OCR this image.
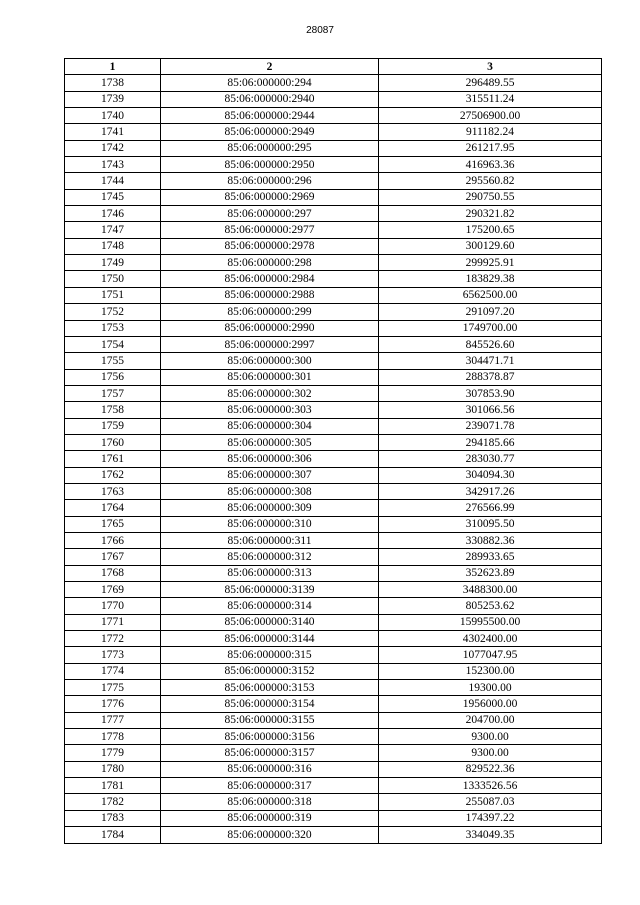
28087
1	2	3
1738	85:06:000000:294	296489.55
1739	85:06:000000:2940	315511.24
1740	85:06:000000:2944	27506900.00
1741	85:06:000000:2949	911182.24
1742	85:06:000000:295	261217.95
1743	85:06:000000:2950	416963.36
1744	85:06:000000:296	295560.82
1745	85:06:000000:2969	290750.55
1746	85:06:000000:297	290321.82
1747	85:06:000000:2977	175200.65
1748	85:06:000000:2978	300129.60
1749	85:06:000000:298	299925.91
1750	85:06:000000:2984	183829.38
1751	85:06:000000:2988	6562500.00
1752	85:06:000000:299	291097.20
1753	85:06:000000:2990	1749700.00
1754	85:06:000000:2997	845526.60
1755	85:06:000000:300	304471.71
1756	85:06:000000:301	288378.87
1757	85:06:000000:302	307853.90
1758	85:06:000000:303	301066.56
1759	85:06:000000:304	239071.78
1760	85:06:000000:305	294185.66
1761	85:06:000000:306	283030.77
1762	85:06:000000:307	304094.30
1763	85:06:000000:308	342917.26
1764	85:06:000000:309	276566.99
1765	85:06:000000:310	310095.50
1766	85:06:000000:311	330882.36
1767	85:06:000000:312	289933.65
1768	85:06:000000:313	352623.89
1769	85:06:000000:3139	3488300.00
1770	85:06:000000:314	805253.62
1771	85:06:000000:3140	15995500.00
1772	85:06:000000:3144	4302400.00
1773	85:06:000000:315	1077047.95
1774	85:06:000000:3152	152300.00
1775	85:06:000000:3153	19300.00
1776	85:06:000000:3154	1956000.00
1777	85:06:000000:3155	204700.00
1778	85:06:000000:3156	9300.00
1779	85:06:000000:3157	9300.00
1780	85:06:000000:316	829522.36
1781	85:06:000000:317	1333526.56
1782	85:06:000000:318	255087.03
1783	85:06:000000:319	174397.22
1784	85:06:000000:320	334049.35
